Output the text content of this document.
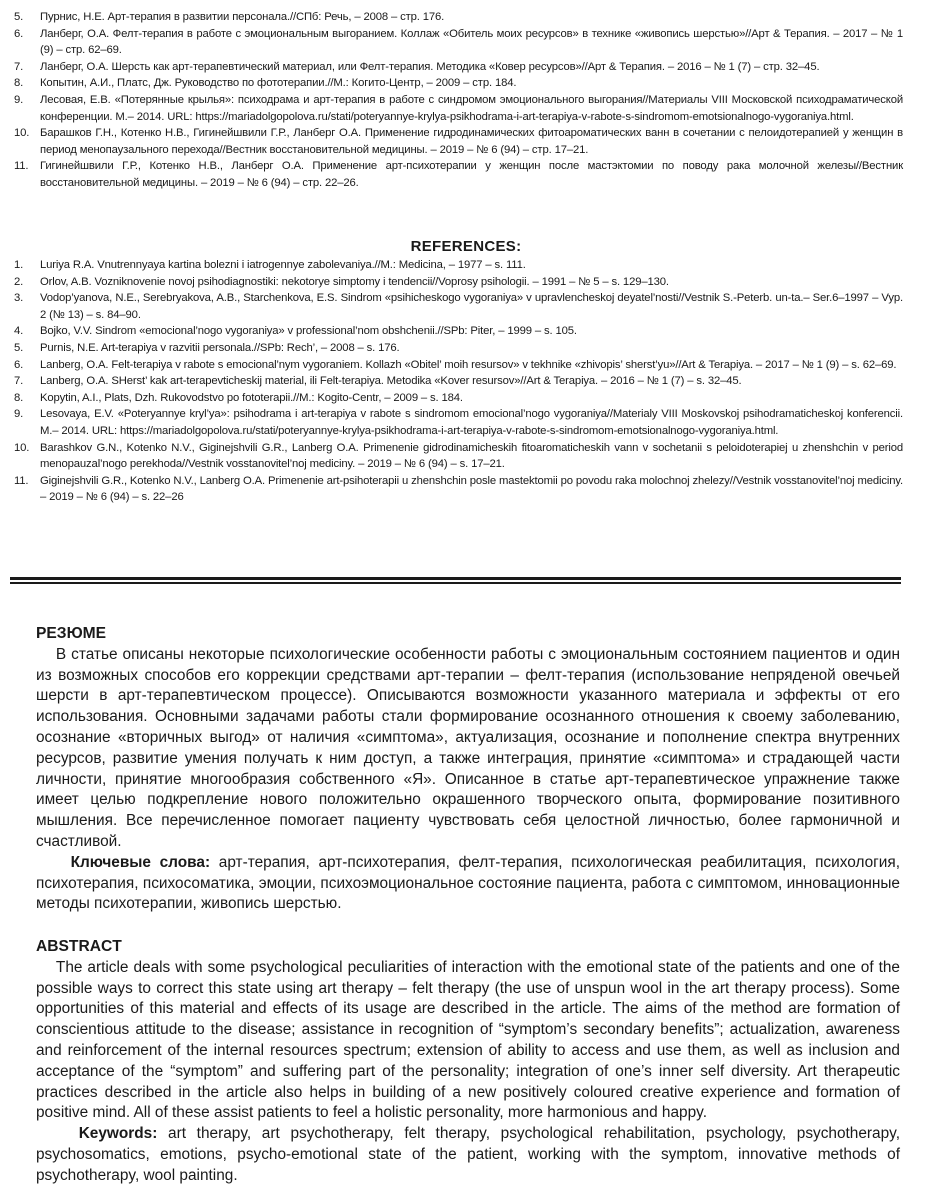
5. Пурнис, Н.Е. Арт-терапия в развитии персонала.//СПб: Речь, – 2008 – стр. 176.
6. Ланберг, О.А. Фелт-терапия в работе с эмоциональным выгоранием. Коллаж «Обитель моих ресурсов» в технике «живопись шерстью»//Арт & Терапия. – 2017 – № 1 (9) – стр. 62–69.
7. Ланберг, О.А. Шерсть как арт-терапевтический материал, или Фелт-терапия. Методика «Ковер ресурсов»//Арт & Терапия. – 2016 – № 1 (7) – стр. 32–45.
8. Копытин, А.И., Платс, Дж. Руководство по фототерапии.//М.: Когито-Центр, – 2009 – стр. 184.
9. Лесовая, Е.В. «Потерянные крылья»: психодрама и арт-терапия в работе с синдромом эмоционального выгорания//Материалы VIII Московской психодраматической конференции. М.– 2014. URL: https://mariadolgopolova.ru/stati/poteryannye-krylya-psikhodrama-i-art-terapiya-v-rabote-s-sindromom-emotsionalnogo-vygoraniya.html.
10. Барашков Г.Н., Котенко Н.В., Гигинейшвили Г.Р., Ланберг О.А. Применение гидродинамических фитоароматических ванн в сочетании с пелоидотерапией у женщин в период менопаузального перехода//Вестник восстановительной медицины. – 2019 – № 6 (94) – стр. 17–21.
11. Гигинейшвили Г.Р., Котенко Н.В., Ланберг О.А. Применение арт-психотерапии у женщин после мастэктомии по поводу рака молочной железы//Вестник восстановительной медицины. – 2019 – № 6 (94) – стр. 22–26.
REFERENCES:
1. Luriya R.A. Vnutrennyaya kartina bolezni i iatrogennye zabolevaniya.//M.: Medicina, – 1977 – s. 111.
2. Orlov, A.B. Vozniknovenie novoj psihodiagnostiki: nekotorye simptomy i tendencii//Voprosy psihologii. – 1991 – № 5 – s. 129–130.
3. Vodop’yanova, N.E., Serebryakova, A.B., Starchenkova, E.S. Sindrom «psihicheskogo vygoraniya» v upravlencheskoj deyatel’nosti//Vestnik S.-Peterb. un-ta.– Ser.6–1997 – Vyp. 2 (№ 13) – s. 84–90.
4. Bojko, V.V. Sindrom «emocional’nogo vygoraniya» v professional’nom obshchenii.//SPb: Piter, – 1999 – s. 105.
5. Purnis, N.E. Art-terapiya v razvitii personala.//SPb: Rech’, – 2008 – s. 176.
6. Lanberg, O.A. Felt-terapiya v rabote s emocional’nym vygoraniem. Kollazh «Obitel’ moih resursov» v tekhnike «zhivopis’ sherst’yu»//Art & Terapiya. – 2017 – № 1 (9) – s. 62–69.
7. Lanberg, O.A. SHerst’ kak art-terapevticheskij material, ili Felt-terapiya. Metodika «Kover resursov»//Art & Terapiya. – 2016 – № 1 (7) – s. 32–45.
8. Kopytin, A.I., Plats, Dzh. Rukovodstvo po fototerapii.//M.: Kogito-Centr, – 2009 – s. 184.
9. Lesovaya, E.V. «Poteryannye kryl’ya»: psihodrama i art-terapiya v rabote s sindromom emocional’nogo vygoraniya//Materialy VIII Moskovskoj psihodramaticheskoj konferencii. M.– 2014. URL: https://mariadolgopolova.ru/stati/poteryannye-krylya-psikhodrama-i-art-terapiya-v-rabote-s-sindromom-emotsionalnogo-vygoraniya.html.
10. Barashkov G.N., Kotenko N.V., Giginejshvili G.R., Lanberg O.A. Primenenie gidrodinamicheskih fitoaromaticheskih vann v sochetanii s peloidoterapiej u zhenshchin v period menopauzal’nogo perekhoda//Vestnik vosstanovitel’noj mediciny. – 2019 – № 6 (94) – s. 17–21.
11. Giginejshvili G.R., Kotenko N.V., Lanberg O.A. Primenenie art-psihoterapii u zhenshchin posle mastektomii po povodu raka molochnoj zhelezy//Vestnik vosstanovitel’noj mediciny. – 2019 – № 6 (94) – s. 22–26
РЕЗЮМЕ

В статье описаны некоторые психологические особенности работы с эмоциональным состоянием пациентов и один из возможных способов его коррекции средствами арт-терапии – фелт-терапия (использование непряденой овечьей шерсти в арт-терапевтическом процессе). Описываются возможности указанного материала и эффекты от его использования. Основными задачами работы стали формирование осознанного отношения к своему заболеванию, осознание «вторичных выгод» от наличия «симптома», актуализация, осознание и пополнение спектра внутренних ресурсов, развитие умения получать к ним доступ, а также интеграция, принятие «симптома» и страдающей части личности, принятие многообразия собственного «Я». Описанное в статье арт-терапевтическое упражнение также имеет целью подкрепление нового положительно окрашенного творческого опыта, формирование позитивного мышления. Все перечисленное помогает пациенту чувствовать себя целостной личностью, более гармоничной и счастливой.

Ключевые слова: арт-терапия, арт-психотерапия, фелт-терапия, психологическая реабилитация, психология, психотерапия, психосоматика, эмоции, психоэмоциональное состояние пациента, работа с симптомом, инновационные методы психотерапии, живопись шерстью.

ABSTRACT

The article deals with some psychological peculiarities of interaction with the emotional state of the patients and one of the possible ways to correct this state using art therapy – felt therapy (the use of unspun wool in the art therapy process). Some opportunities of this material and effects of its usage are described in the article. The aims of the method are formation of conscientious attitude to the disease; assistance in recognition of “symptom’s secondary benefits”; actualization, awareness and reinforcement of the internal resources spectrum; extension of ability to access and use them, as well as inclusion and acceptance of the “symptom” and suffering part of the personality; integration of one’s inner self diversity. Art therapeutic practices described in the article also helps in building of a new positively coloured creative experience and formation of positive mind. All of these assist patients to feel a holistic personality, more harmonious and happy.

Keywords: art therapy, art psychotherapy, felt therapy, psychological rehabilitation, psychology, psychotherapy, psychosomatics, emotions, psycho-emotional state of the patient, working with the symptom, innovative methods of psychotherapy, wool painting.
